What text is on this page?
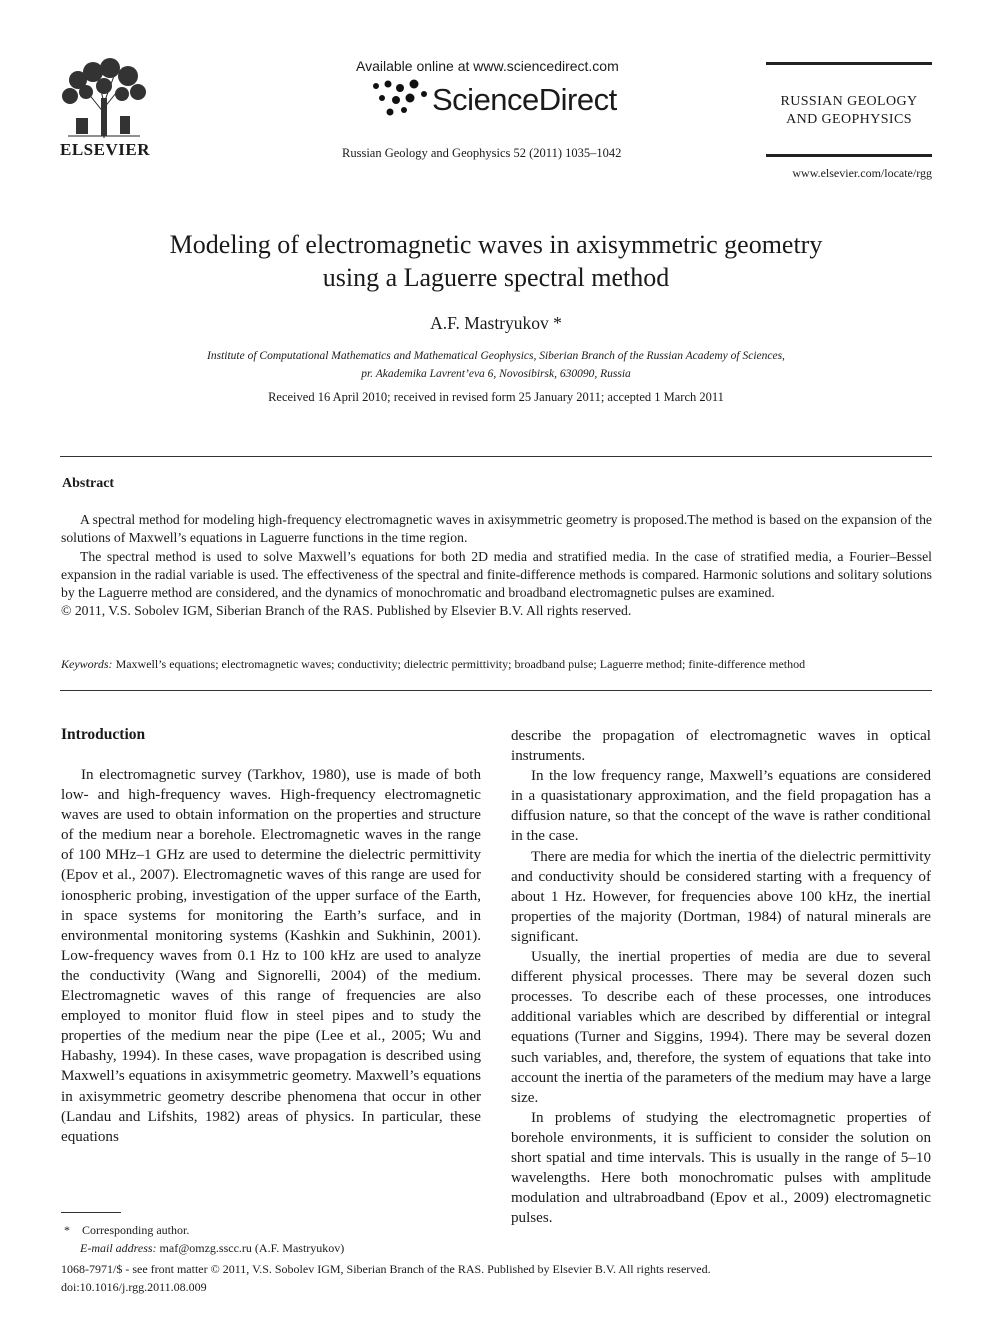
ELSEVIER
Available online at www.sciencedirect.com
ScienceDirect
Russian Geology and Geophysics 52 (2011) 1035–1042
RUSSIAN GEOLOGY
AND GEOPHYSICS
www.elsevier.com/locate/rgg
Modeling of electromagnetic waves in axisymmetric geometry
using a Laguerre spectral method
A.F. Mastryukov *
Institute of Computational Mathematics and Mathematical Geophysics, Siberian Branch of the Russian Academy of Sciences,
pr. Akademika Lavrent’eva 6, Novosibirsk, 630090, Russia
Received 16 April 2010; received in revised form 25 January 2011; accepted 1 March 2011
Abstract

A spectral method for modeling high-frequency electromagnetic waves in axisymmetric geometry is proposed.The method is based on the expansion of the solutions of Maxwell’s equations in Laguerre functions in the time region.

The spectral method is used to solve Maxwell’s equations for both 2D media and stratified media. In the case of stratified media, a Fourier–Bessel expansion in the radial variable is used. The effectiveness of the spectral and finite-difference methods is compared. Harmonic solutions and solitary solutions by the Laguerre method are considered, and the dynamics of monochromatic and broadband electromagnetic pulses are examined.

© 2011, V.S. Sobolev IGM, Siberian Branch of the RAS. Published by Elsevier B.V. All rights reserved.

Keywords: Maxwell’s equations; electromagnetic waves; conductivity; dielectric permittivity; broadband pulse; Laguerre method; finite-difference method
Introduction

In electromagnetic survey (Tarkhov, 1980), use is made of both low- and high-frequency waves. High-frequency electromagnetic waves are used to obtain information on the properties and structure of the medium near a borehole. Electromagnetic waves in the range of 100 MHz–1 GHz are used to determine the dielectric permittivity (Epov et al., 2007). Electromagnetic waves of this range are used for ionospheric probing, investigation of the upper surface of the Earth, in space systems for monitoring the Earth’s surface, and in environmental monitoring systems (Kashkin and Sukhinin, 2001). Low-frequency waves from 0.1 Hz to 100 kHz are used to analyze the conductivity (Wang and Signorelli, 2004) of the medium. Electromagnetic waves of this range of frequencies are also employed to monitor fluid flow in steel pipes and to study the properties of the medium near the pipe (Lee et al., 2005; Wu and Habashy, 1994). In these cases, wave propagation is described using Maxwell’s equations in axisymmetric geometry. Maxwell’s equations in axisymmetric geometry describe phenomena that occur in other (Landau and Lifshits, 1982) areas of physics. In particular, these equations

describe the propagation of electromagnetic waves in optical instruments.

In the low frequency range, Maxwell’s equations are considered in a quasistationary approximation, and the field propagation has a diffusion nature, so that the concept of the wave is rather conditional in the case.

There are media for which the inertia of the dielectric permittivity and conductivity should be considered starting with a frequency of about 1 Hz. However, for frequencies above 100 kHz, the inertial properties of the majority (Dortman, 1984) of natural minerals are significant.

Usually, the inertial properties of media are due to several different physical processes. There may be several dozen such processes. To describe each of these processes, one introduces additional variables which are described by differential or integral equations (Turner and Siggins, 1994). There may be several dozen such variables, and, therefore, the system of equations that take into account the inertia of the parameters of the medium may have a large size.

In problems of studying the electromagnetic properties of borehole environments, it is sufficient to consider the solution on short spatial and time intervals. This is usually in the range of 5–10 wavelengths. Here both monochromatic pulses with amplitude modulation and ultrabroadband (Epov et al., 2009) electromagnetic pulses.

* Corresponding author.
E-mail address: maf@omzg.sscc.ru (A.F. Mastryukov)
1068-7971/$ - see front matter © 2011, V.S. Sobolev IGM, Siberian Branch of the RAS. Published by Elsevier B.V. All rights reserved.
doi:10.1016/j.rgg.2011.08.009
